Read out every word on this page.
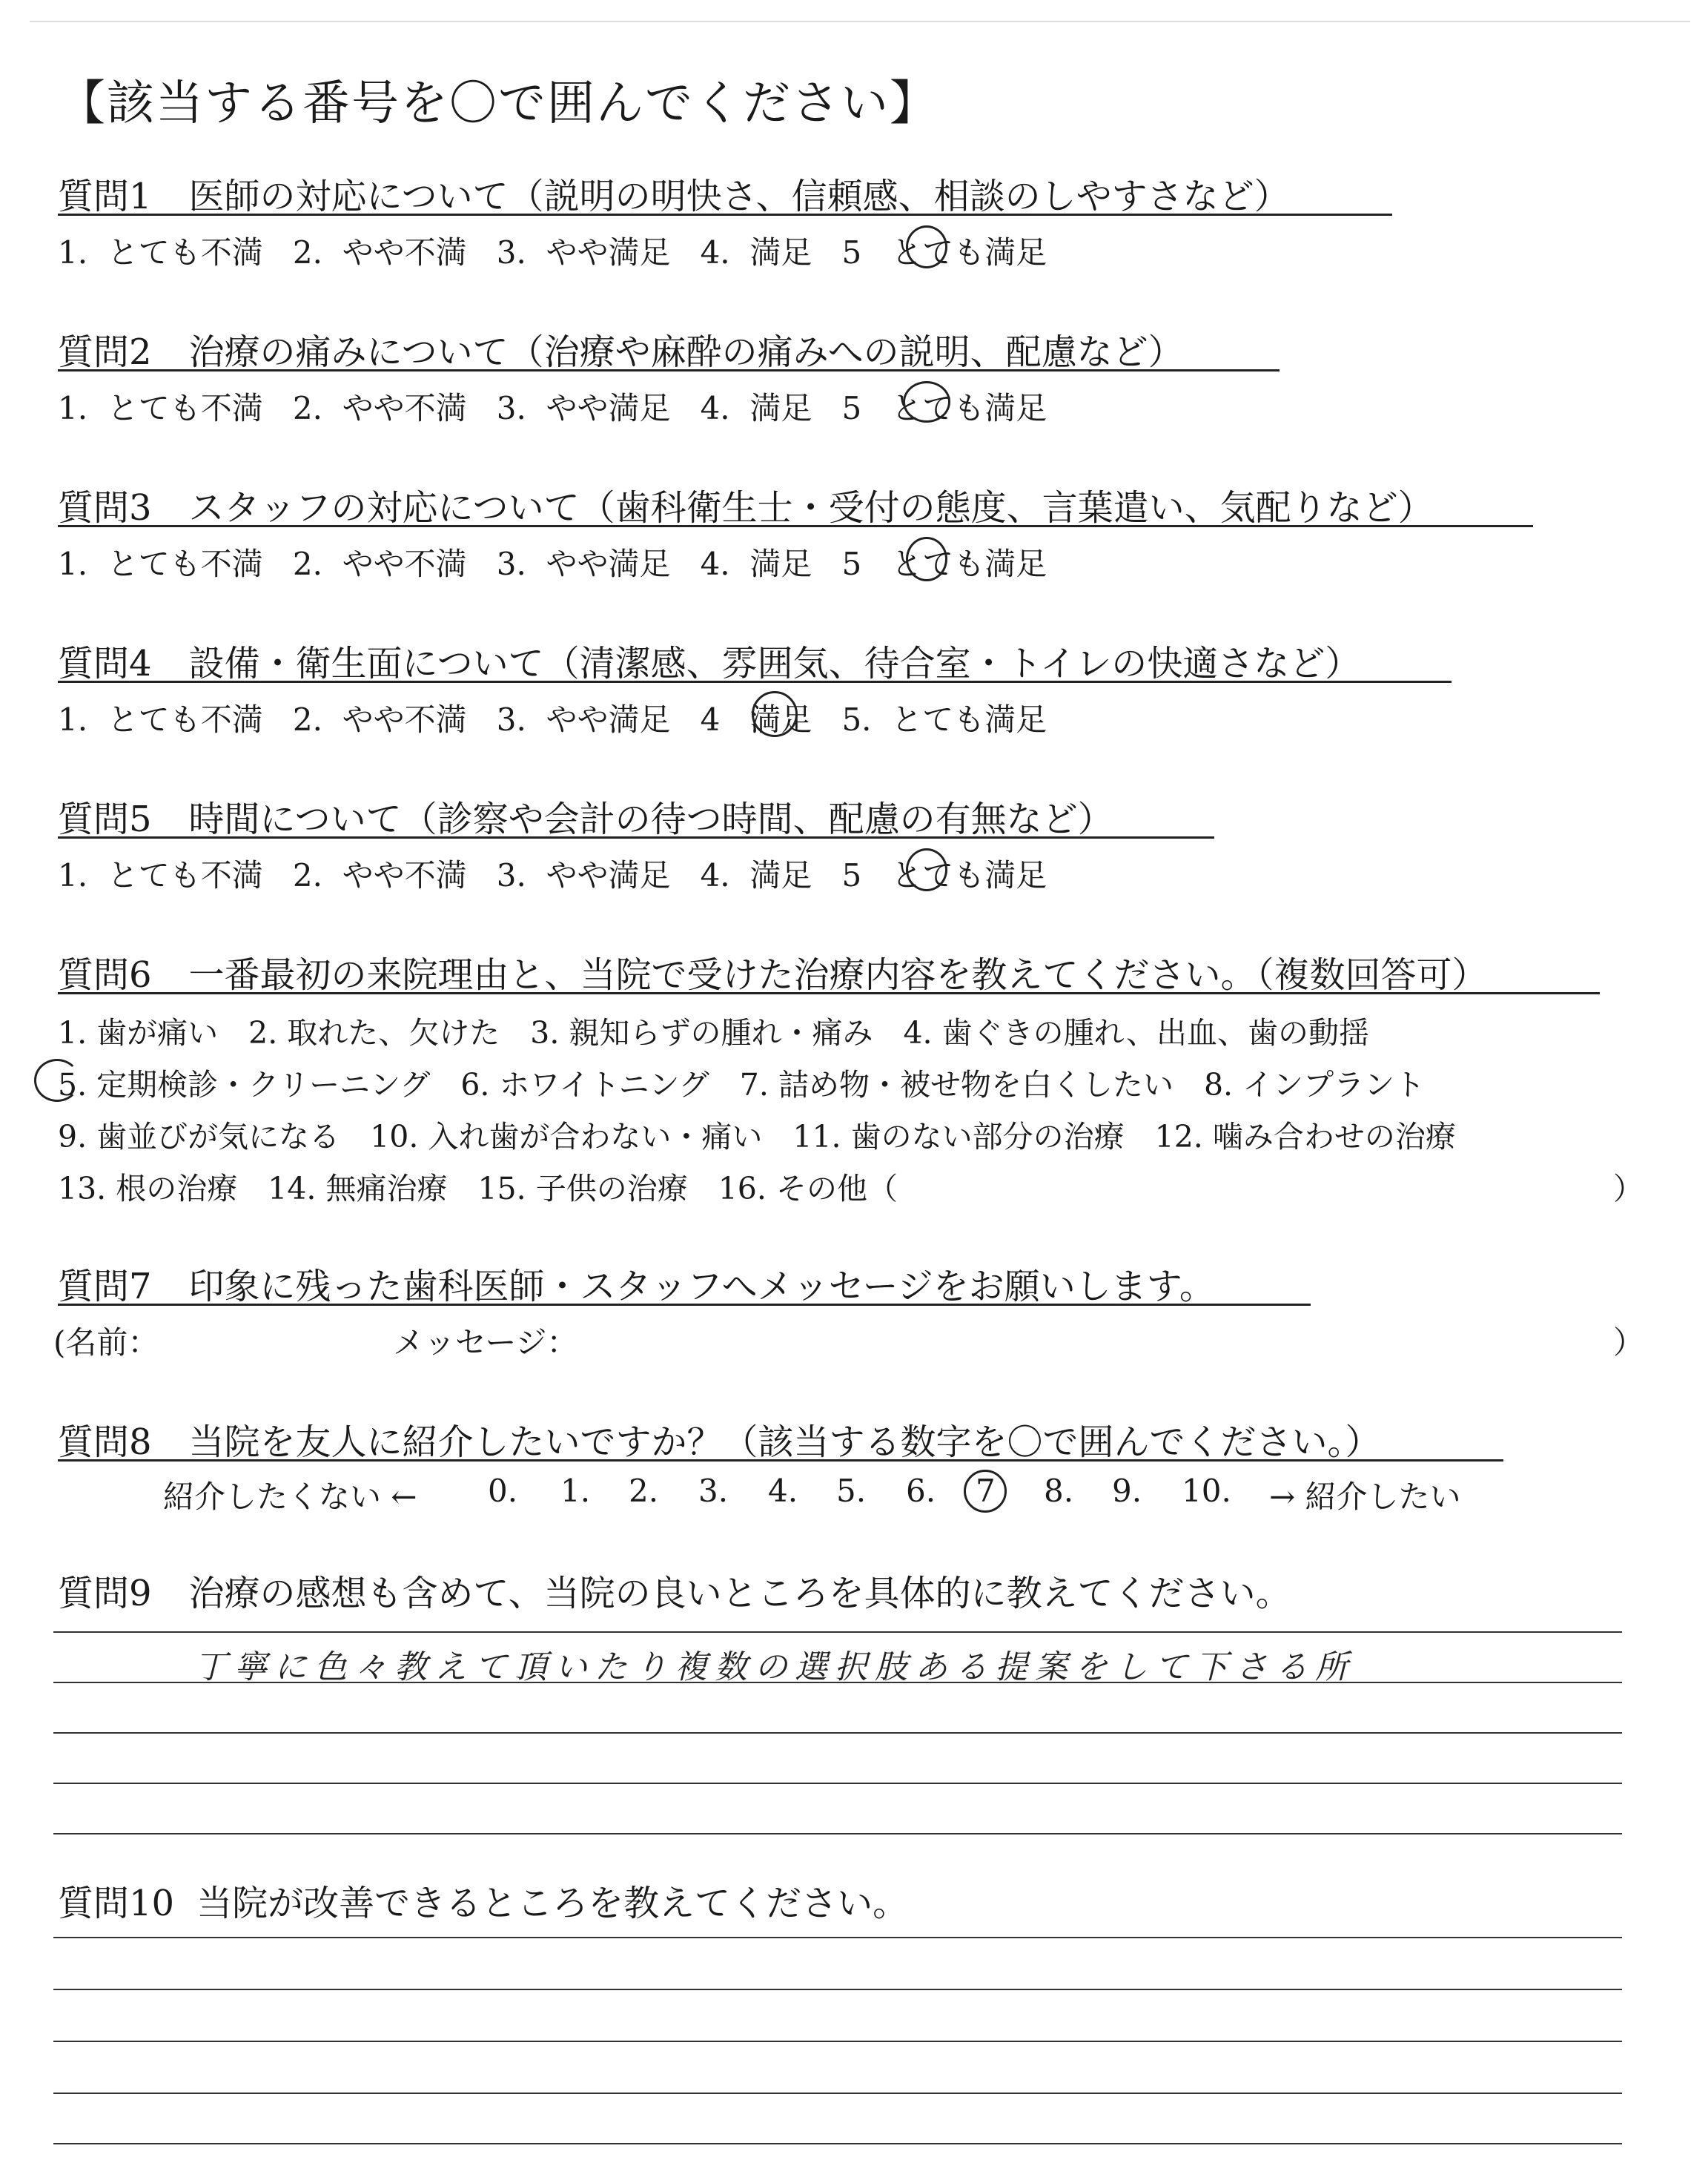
【該当する番号を〇で囲んでください】
質問1 医師の対応について（説明の明快さ、信頼感、相談のしやすさなど）
1. とても不満 2. やや不満 3. やや満足 4. 満足 5 とても満足
質問2 治療の痛みについて（治療や麻酔の痛みへの説明、配慮など）
1. とても不満 2. やや不満 3. やや満足 4. 満足 5 とても満足
質問3 スタッフの対応について（歯科衛生士・受付の態度、言葉遣い、気配りなど）
1. とても不満 2. やや不満 3. やや満足 4. 満足 5 とても満足
質問4 設備・衛生面について（清潔感、雰囲気、待合室・トイレの快適さなど）
1. とても不満 2. やや不満 3. やや満足 4 満足 5. とても満足
質問5 時間について（診察や会計の待つ時間、配慮の有無など）
1. とても不満 2. やや不満 3. やや満足 4. 満足 5 とても満足
質問6 一番最初の来院理由と、当院で受けた治療内容を教えてください。（複数回答可）
1. 歯が痛い　2. 取れた、欠けた　3. 親知らずの腫れ・痛み　4. 歯ぐきの腫れ、出血、歯の動揺
5. 定期検診・クリーニング　6. ホワイトニング　7. 詰め物・被せ物を白くしたい　8. インプラント
9. 歯並びが気になる　10. 入れ歯が合わない・痛い　11. 歯のない部分の治療　12. 噛み合わせの治療
13. 根の治療　14. 無痛治療　15. 子供の治療　16. その他（	）
質問7 印象に残った歯科医師・スタッフへメッセージをお願いします。
(名前：	メッセージ：	）
質問8 当院を友人に紹介したいですか？（該当する数字を〇で囲んでください。）
紹介したくない ← 0. 1. 2. 3. 4. 5. 6. 7 8. 9. 10. → 紹介したい
質問9 治療の感想も含めて、当院の良いところを具体的に教えてください。
丁寧に色々教えて頂いたり複数の選択肢ある提案をして下さる所
質問10 当院が改善できるところを教えてください。
